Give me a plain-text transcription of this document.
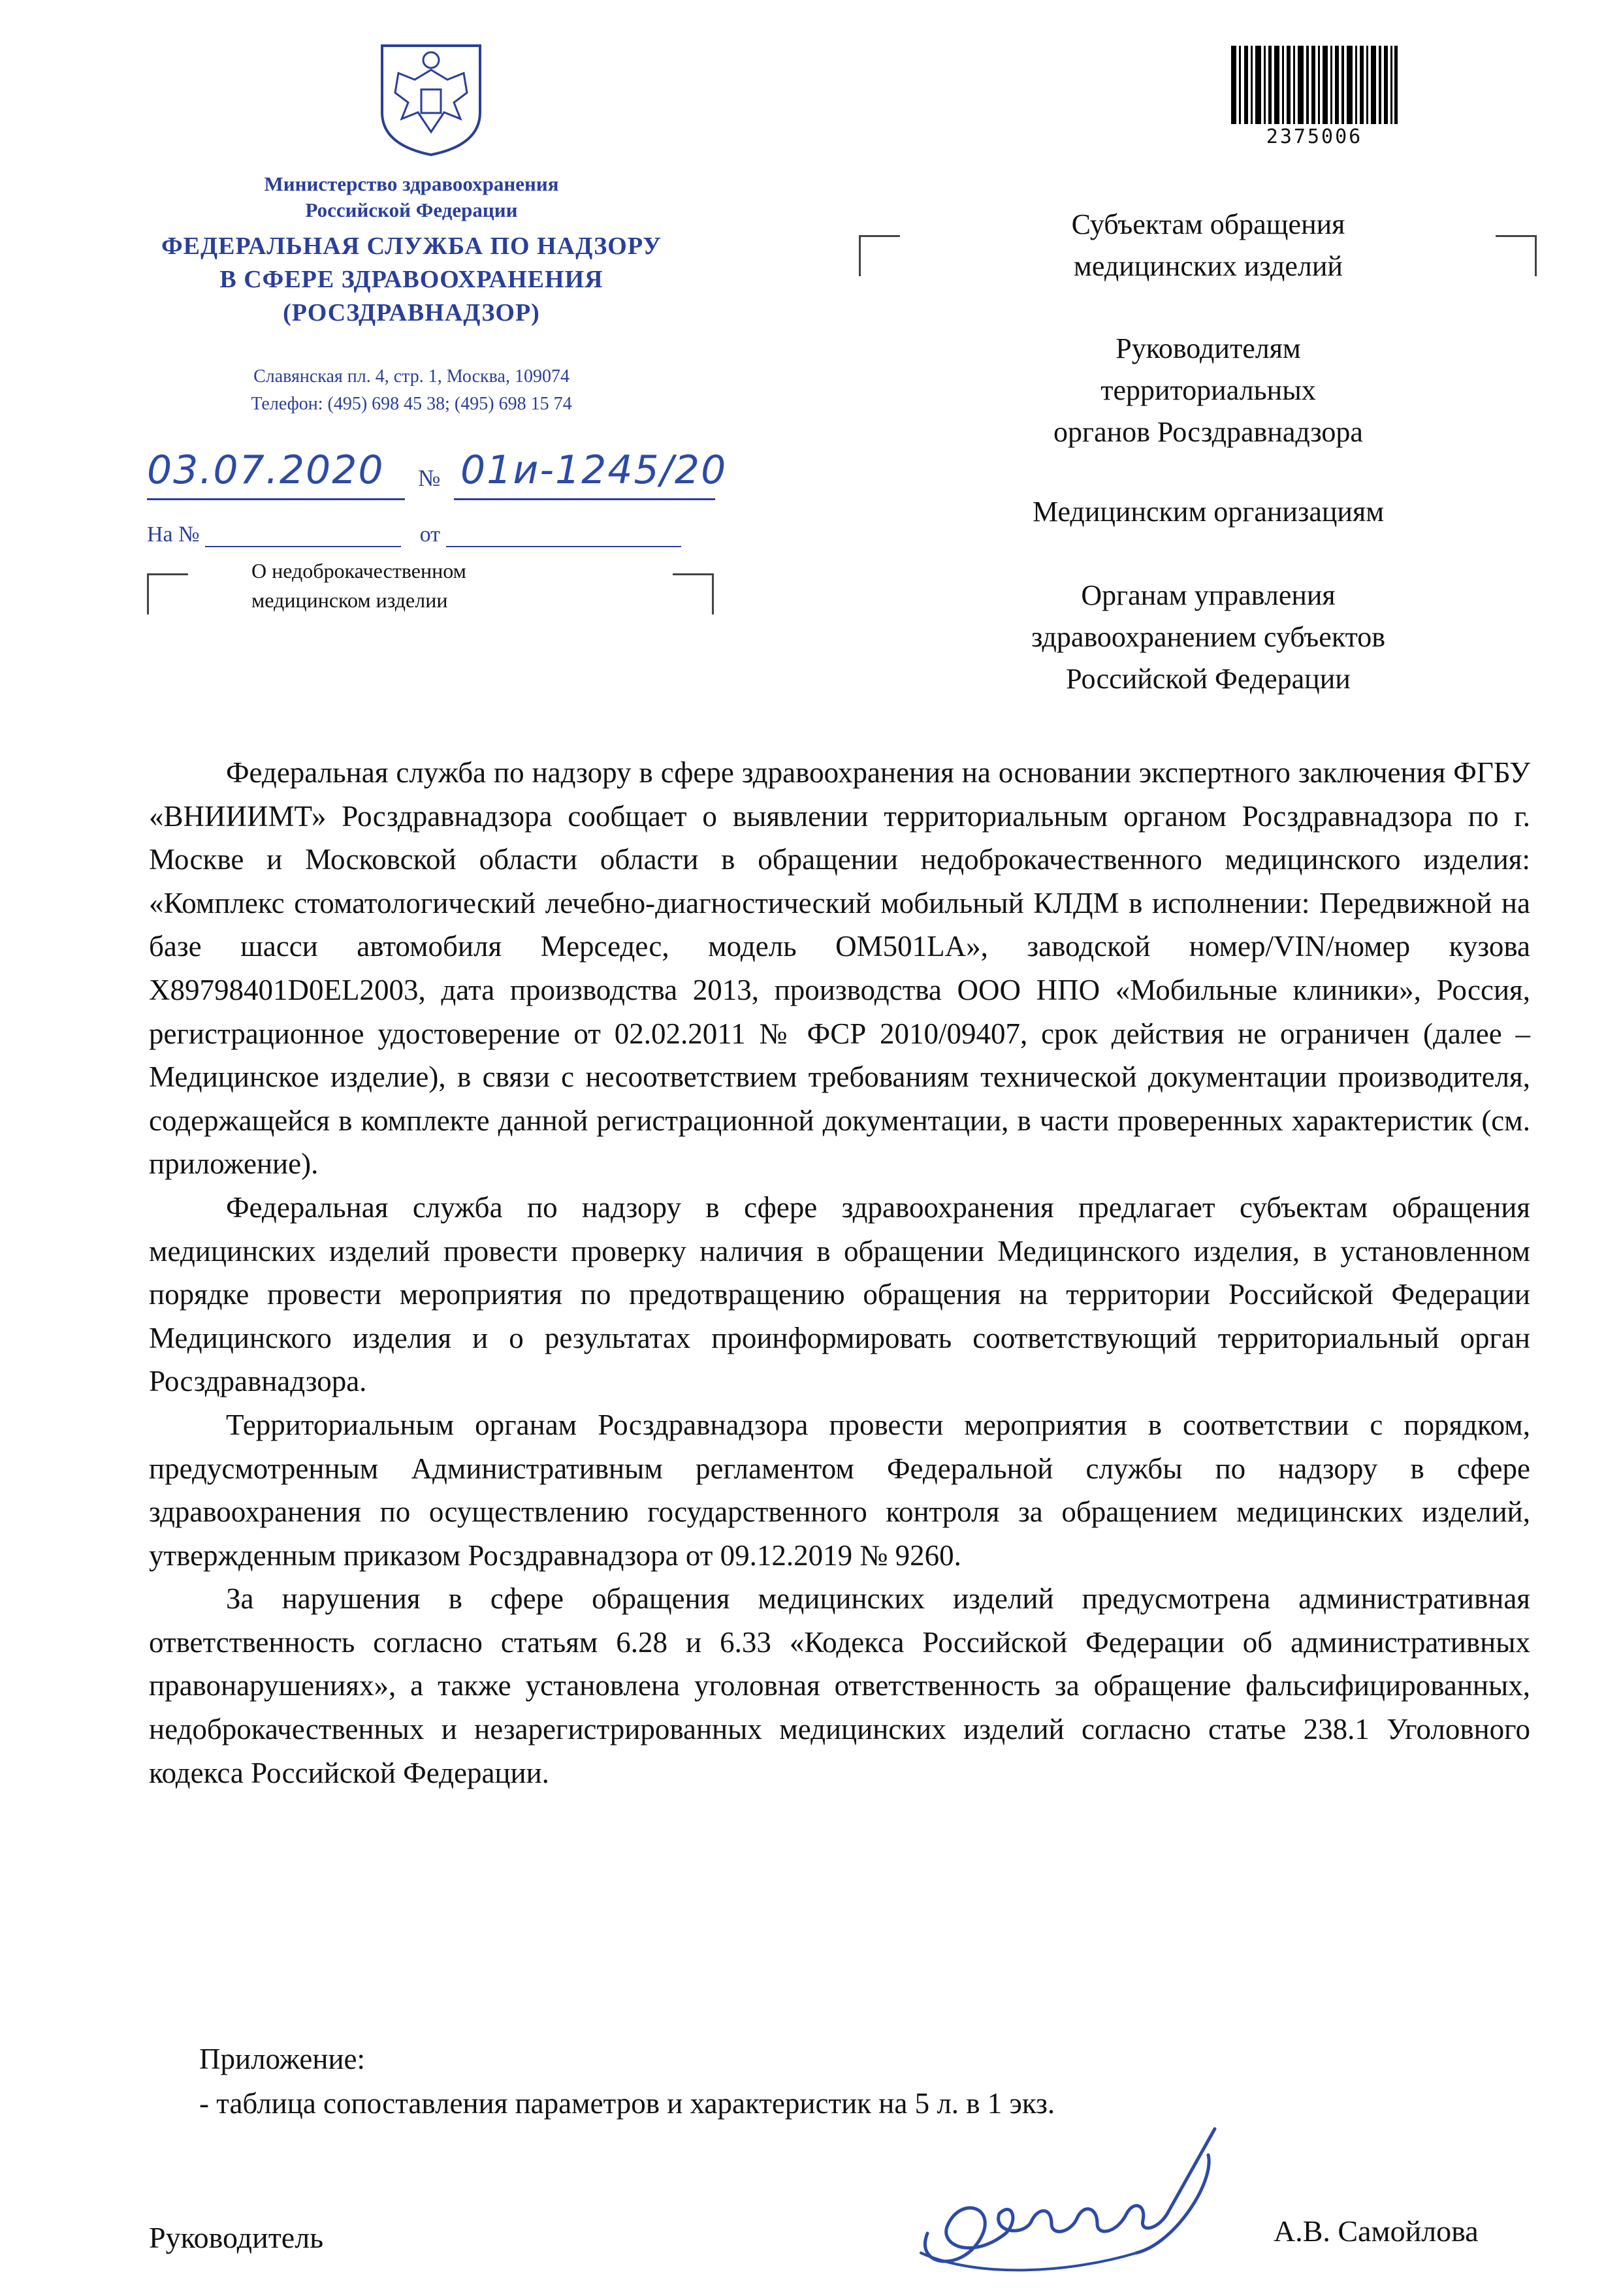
Министерство здравоохранения
Российской Федерации
ФЕДЕРАЛЬНАЯ СЛУЖБА ПО НАДЗОРУ
В СФЕРЕ ЗДРАВООХРАНЕНИЯ
(РОСЗДРАВНАДЗОР)
Славянская пл. 4, стр. 1, Москва, 109074
Телефон: (495) 698 45 38; (495) 698 15 74
03.07.2020 № 01и-1245/20
На №	от
О недоброкачественном
медицинском изделии
2375006
Субъектам обращения
медицинских изделий
Руководителям
территориальных
органов Росздравнадзора
Медицинским организациям
Органам управления
здравоохранением субъектов
Российской Федерации

Федеральная служба по надзору в сфере здравоохранения на основании экспертного заключения ФГБУ «ВНИИИМТ» Росздравнадзора сообщает о выявлении территориальным органом Росздравнадзора по г. Москве и Московской области области в обращении недоброкачественного медицинского изделия: «Комплекс стоматологический лечебно-диагностический мобильный КЛДМ в исполнении: Передвижной на базе шасси автомобиля Мерседес, модель OM501LA», заводской номер/VIN/номер кузова X89798401D0EL2003, дата производства 2013, производства ООО НПО «Мобильные клиники», Россия, регистрационное удостоверение от 02.02.2011 № ФСР 2010/09407, срок действия не ограничен (далее – Медицинское изделие), в связи с несоответствием требованиям технической документации производителя, содержащейся в комплекте данной регистрационной документации, в части проверенных характеристик (см. приложение).

Федеральная служба по надзору в сфере здравоохранения предлагает субъектам обращения медицинских изделий провести проверку наличия в обращении Медицинского изделия, в установленном порядке провести мероприятия по предотвращению обращения на территории Российской Федерации Медицинского изделия и о результатах проинформировать соответствующий территориальный орган Росздравнадзора.

Территориальным органам Росздравнадзора провести мероприятия в соответствии с порядком, предусмотренным Административным регламентом Федеральной службы по надзору в сфере здравоохранения по осуществлению государственного контроля за обращением медицинских изделий, утвержденным приказом Росздравнадзора от 09.12.2019 № 9260.

За нарушения в сфере обращения медицинских изделий предусмотрена административная ответственность согласно статьям 6.28 и 6.33 «Кодекса Российской Федерации об административных правонарушениях», а также установлена уголовная ответственность за обращение фальсифицированных, недоброкачественных и незарегистрированных медицинских изделий согласно статье 238.1 Уголовного кодекса Российской Федерации.

Приложение:
- таблица сопоставления параметров и характеристик на 5 л. в 1 экз.
Руководитель	А.В. Самойлова
